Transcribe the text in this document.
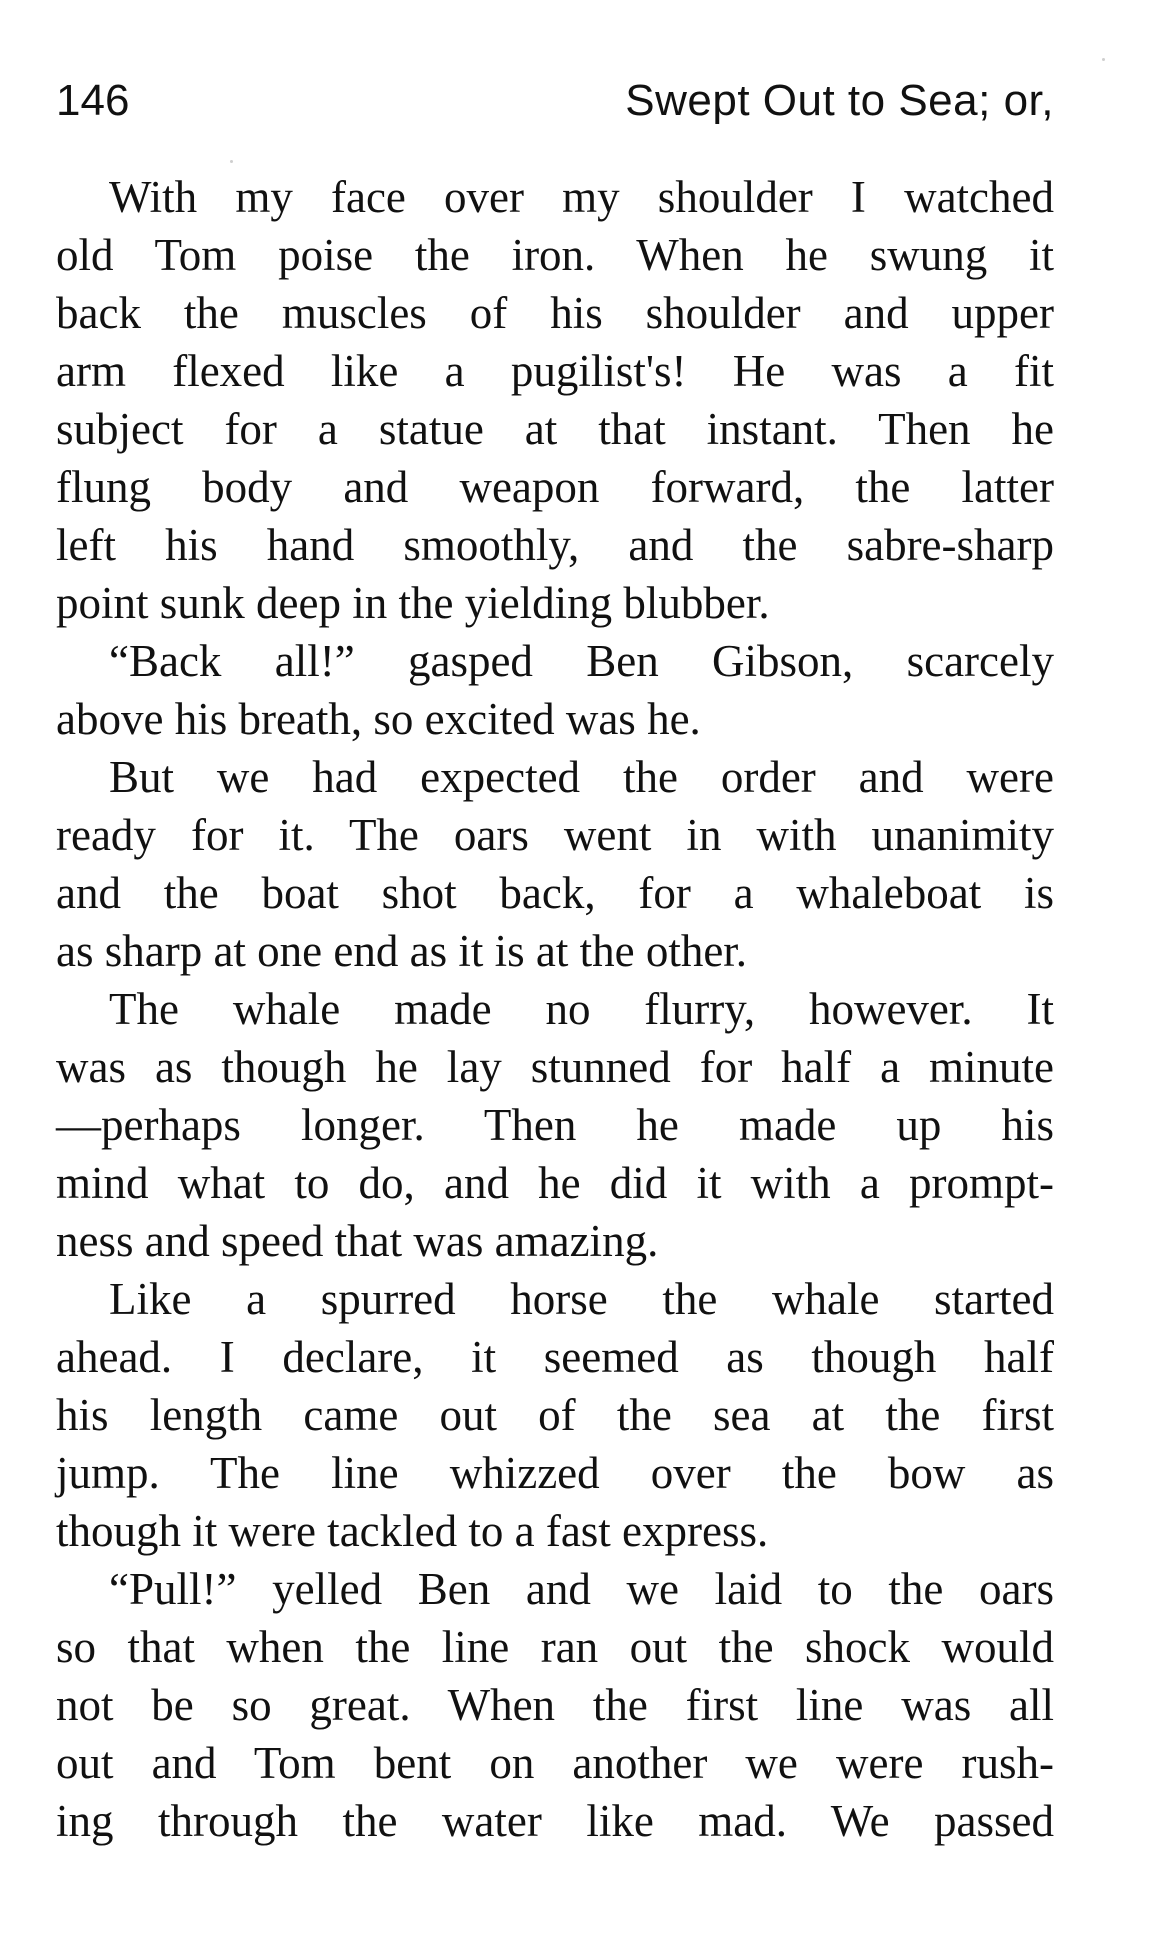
146	Swept Out to Sea; or,
With my face over my shoulder I watched
old Tom poise the iron. When he swung it
back the muscles of his shoulder and upper
arm flexed like a pugilist's! He was a fit
subject for a statue at that instant. Then he
flung body and weapon forward, the latter
left his hand smoothly, and the sabre-sharp
point sunk deep in the yielding blubber.
“Back all!” gasped Ben Gibson, scarcely
above his breath, so excited was he.
But we had expected the order and were
ready for it. The oars went in with unanimity
and the boat shot back, for a whaleboat is
as sharp at one end as it is at the other.
The whale made no flurry, however. It
was as though he lay stunned for half a minute
—perhaps longer. Then he made up his
mind what to do, and he did it with a prompt-
ness and speed that was amazing.
Like a spurred horse the whale started
ahead. I declare, it seemed as though half
his length came out of the sea at the first
jump. The line whizzed over the bow as
though it were tackled to a fast express.
“Pull!” yelled Ben and we laid to the oars
so that when the line ran out the shock would
not be so great. When the first line was all
out and Tom bent on another we were rush-
ing through the water like mad. We passed
